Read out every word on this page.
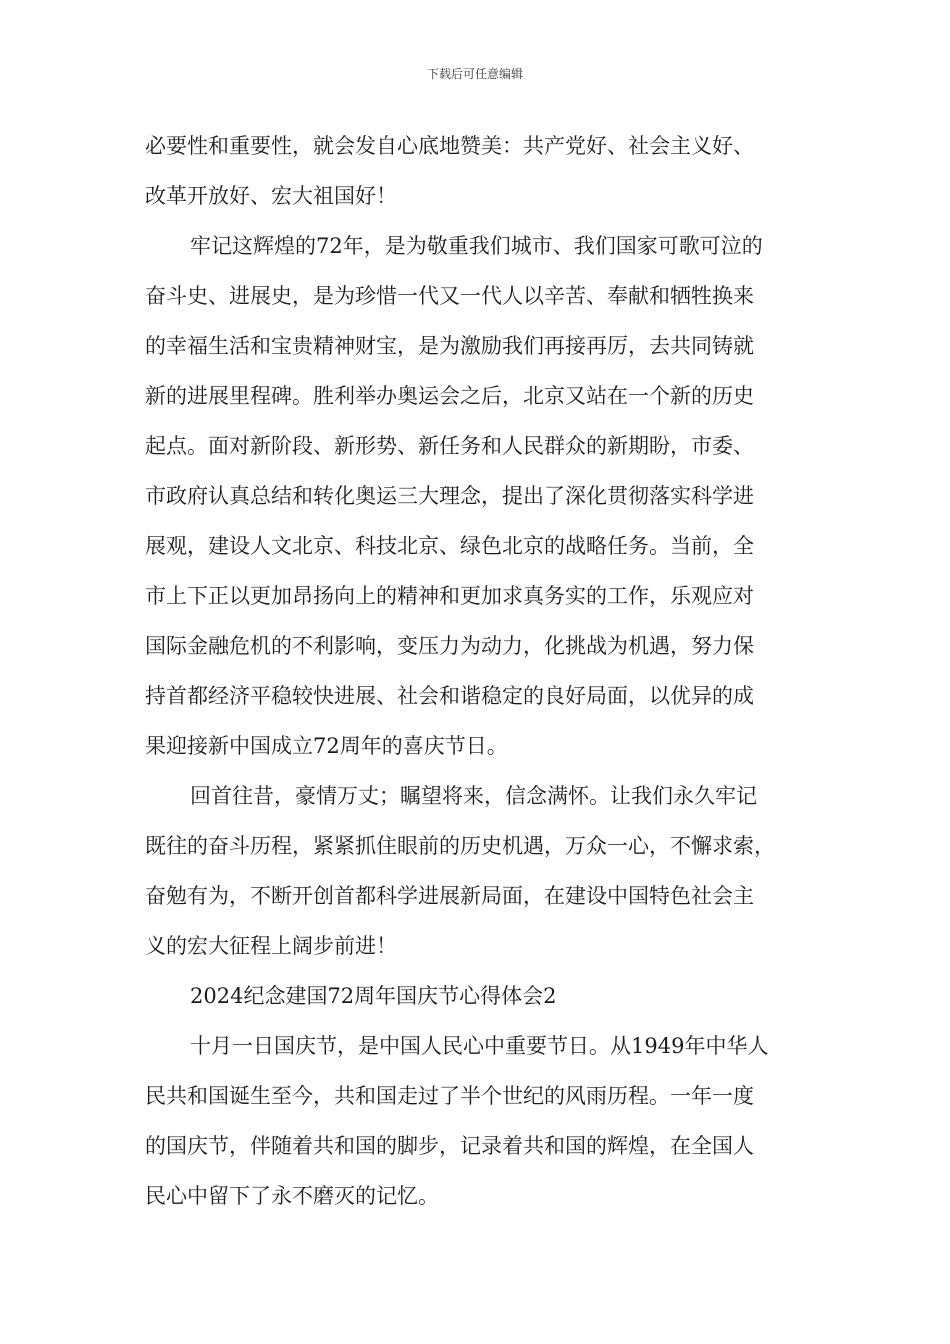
下载后可任意编辑
必要性和重要性，就会发自心底地赞美：共产党好、社会主义好、
改革开放好、宏大祖国好！
牢记这辉煌的72年，是为敬重我们城市、我们国家可歌可泣的
奋斗史、进展史，是为珍惜一代又一代人以辛苦、奉献和牺牲换来
的幸福生活和宝贵精神财宝，是为激励我们再接再厉，去共同铸就
新的进展里程碑。胜利举办奥运会之后，北京又站在一个新的历史
起点。面对新阶段、新形势、新任务和人民群众的新期盼，市委、
市政府认真总结和转化奥运三大理念，提出了深化贯彻落实科学进
展观，建设人文北京、科技北京、绿色北京的战略任务。当前，全
市上下正以更加昂扬向上的精神和更加求真务实的工作，乐观应对
国际金融危机的不利影响，变压力为动力，化挑战为机遇，努力保
持首都经济平稳较快进展、社会和谐稳定的良好局面，以优异的成
果迎接新中国成立72周年的喜庆节日。
回首往昔，豪情万丈；瞩望将来，信念满怀。让我们永久牢记
既往的奋斗历程，紧紧抓住眼前的历史机遇，万众一心，不懈求索，
奋勉有为，不断开创首都科学进展新局面，在建设中国特色社会主
义的宏大征程上阔步前进！
2024纪念建国72周年国庆节心得体会2
十月一日国庆节，是中国人民心中重要节日。从1949年中华人
民共和国诞生至今，共和国走过了半个世纪的风雨历程。一年一度
的国庆节，伴随着共和国的脚步，记录着共和国的辉煌，在全国人
民心中留下了永不磨灭的记忆。
